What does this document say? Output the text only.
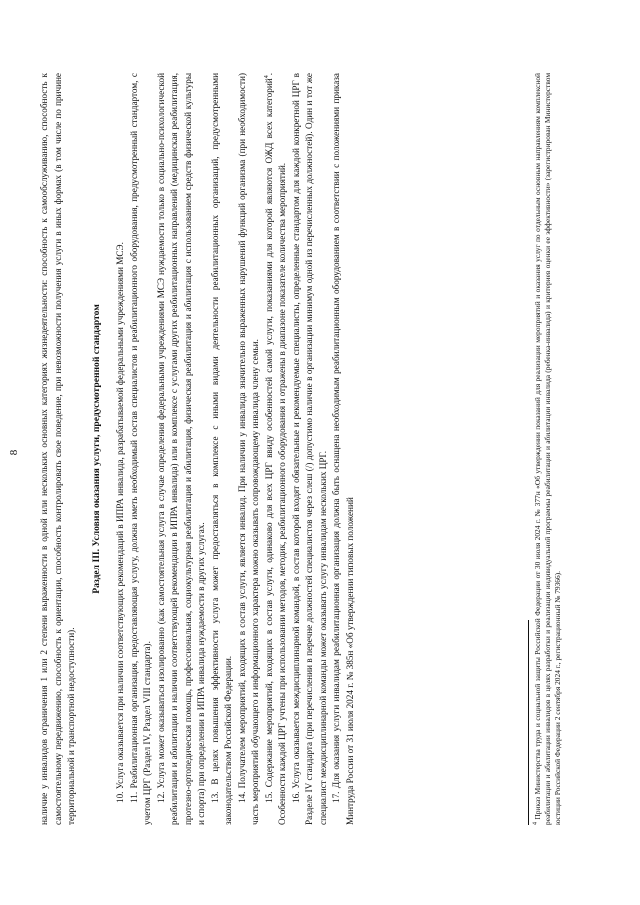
8 наличие у инвалидов ограничения 1 или 2 степени выраженности в одной или нескольких основных категориях жизнедеятельности: способность к самообслуживанию, способность к самостоятельному передвижению, способность к ориентации, способность контролировать свое поведение, при невозможности получения услуги в иных формах (в том числе по причине территориальной и транспортной недоступности).

Раздел III. Условия оказания услуги, предусмотренной стандартом 10. Услуга оказывается при наличии соответствующих рекомендаций в ИПРА инвалида, разрабатываемой федеральными учреждениями МСЭ. 11. Реабилитационная организация, предоставляющая услугу, должна иметь необходимый состав специалистов и реабилитационного оборудования, предусмотренный стандартом, с учетом ЦРГ (Раздел IV, Раздел VIII стандарта). 12. Услуга может оказываться изолированно (как самостоятельная услуга в случае определения федеральными учреждениями МСЭ нуждаемости только в социально-психологической реабилитации и абилитации и наличии соответствующей рекомендации в ИПРА инвалида) или в комплексе с услугами других реабилитационных направлений (медицинская реабилитация, протезно-ортопедическая помощь, профессиональная, социокультурная реабилитация и абилитация, физическая реабилитация и абилитация с использованием средств физической культуры и спорта) при определении в ИПРА инвалида нуждаемости в других услугах. 13. В целях повышения эффективности услуга может предоставляться в комплексе с иными видами деятельности реабилитационных организаций, предусмотренными законодательством Российской Федерации. 14. Получателем мероприятий, входящих в состав услуги, является инвалид. При наличии у инвалида значительно выраженных нарушений функций организма (при необходимости) часть мероприятий обучающего и информационного характера можно оказывать сопровождающему инвалида члену семьи. 15. Содержание мероприятий, входящих в состав услуги, одинаково для всех ЦРГ ввиду особенностей самой услуги, показаниями для которой являются ОЖД всех категорий$^4$. Особенности каждой ЦРГ учтены при использовании методов, методик, реабилитационного оборудования и отражены в диапазоне показателе количества мероприятий. 16. Услуга оказывается междисциплинарной командой, в состав которой входят обязательные и рекомендуемые специалисты, определенные стандартом для каждой конкретной ЦРГ в Разделе IV стандарта (при перечислении в перечне должностей специалистов через слеш (/) допустимо наличие в организации минимум одной из перечисленных должностей). Один и тот же специалист междисциплинарной команды может оказывать услугу инвалидам нескольких ЦРГ. 17. Для оказания услуги инвалидам реабилитационная организация должна быть оснащена необходимым реабилитационным оборудованием в соответствии с положениями приказа Минтруда России от 31 июля 2024 г. № 385н «Об утверждении типовых положений	$^4$ Приказ Министерства труда и социальной защиты Российской Федерации от 30 июля 2024 г. № 377н «Об утверждении показаний для реализации мероприятий и оказания услуг по отдельным основным направлениям комплексной реабилитации и абилитации инвалидов в целях разработки и реализации индивидуальной программы реабилитации и абилитации инвалида (ребенка-инвалида) и критериев оценки ее эффективности» (зарегистрирован Министерством юстиции Российской Федерации 2 сентября 2024 г., регистрационный № 79366).
